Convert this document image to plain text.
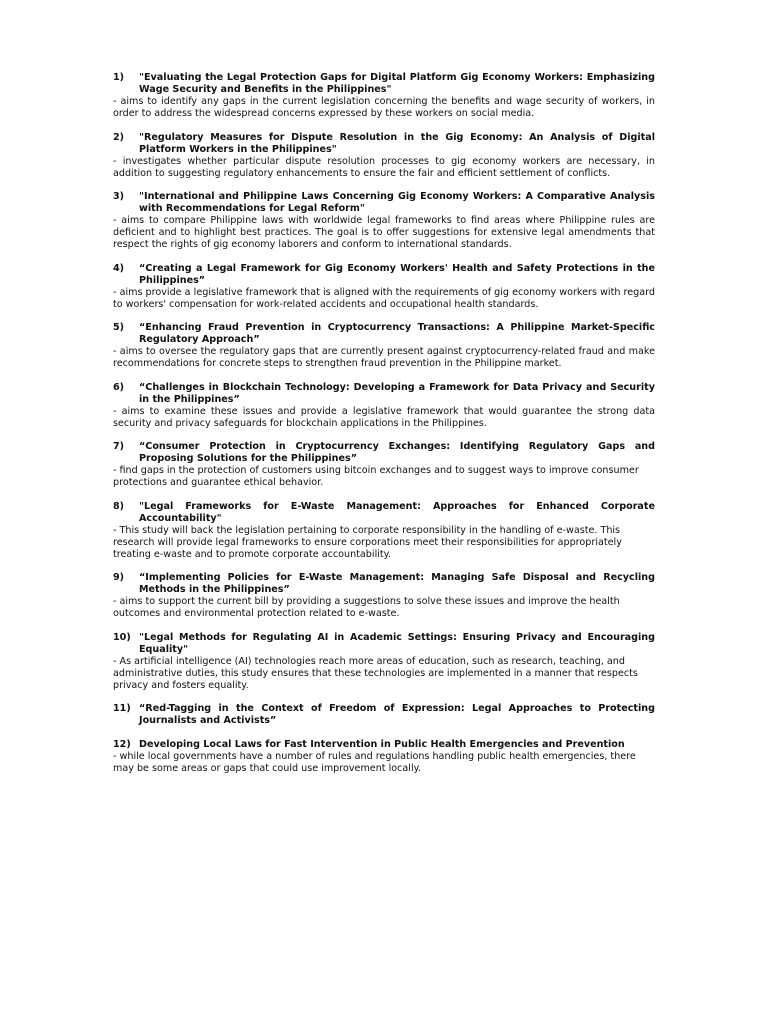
1)	"Evaluating the Legal Protection Gaps for Digital Platform Gig Economy Workers: Emphasizing Wage Security and Benefits in the Philippines"
- aims to identify any gaps in the current legislation concerning the benefits and wage security of workers, in order to address the widespread concerns expressed by these workers on social media.
2)	"Regulatory Measures for Dispute Resolution in the Gig Economy: An Analysis of Digital Platform Workers in the Philippines"
- investigates whether particular dispute resolution processes to gig economy workers are necessary, in addition to suggesting regulatory enhancements to ensure the fair and efficient settlement of conflicts.
3)	"International and Philippine Laws Concerning Gig Economy Workers: A Comparative Analysis with Recommendations for Legal Reform"
- aims to compare Philippine laws with worldwide legal frameworks to find areas where Philippine rules are deficient and to highlight best practices. The goal is to offer suggestions for extensive legal amendments that respect the rights of gig economy laborers and conform to international standards.
4)	“Creating a Legal Framework for Gig Economy Workers' Health and Safety Protections in the Philippines”
- aims provide a legislative framework that is aligned with the requirements of gig economy workers with regard to workers' compensation for work-related accidents and occupational health standards.
5)	“Enhancing Fraud Prevention in Cryptocurrency Transactions: A Philippine Market-Specific Regulatory Approach”
- aims to oversee the regulatory gaps that are currently present against cryptocurrency-related fraud and make recommendations for concrete steps to strengthen fraud prevention in the Philippine market.
6)	“Challenges in Blockchain Technology: Developing a Framework for Data Privacy and Security in the Philippines”
- aims to examine these issues and provide a legislative framework that would guarantee the strong data security and privacy safeguards for blockchain applications in the Philippines.
7)	“Consumer Protection in Cryptocurrency Exchanges: Identifying Regulatory Gaps and Proposing Solutions for the Philippines”
- find gaps in the protection of customers using bitcoin exchanges and to suggest ways to improve consumer protections and guarantee ethical behavior.
8)	"Legal Frameworks for E-Waste Management: Approaches for Enhanced Corporate Accountability"
- This study will back the legislation pertaining to corporate responsibility in the handling of e-waste. This research will provide legal frameworks to ensure corporations meet their responsibilities for appropriately treating e-waste and to promote corporate accountability.
9)	“Implementing Policies for E-Waste Management: Managing Safe Disposal and Recycling Methods in the Philippines”
- aims to support the current bill by providing a suggestions to solve these issues and improve the health outcomes and environmental protection related to e-waste.
10) "Legal Methods for Regulating AI in Academic Settings: Ensuring Privacy and Encouraging Equality"
- As artificial intelligence (AI) technologies reach more areas of education, such as research, teaching, and administrative duties, this study ensures that these technologies are implemented in a manner that respects privacy and fosters equality.
11) “Red-Tagging in the Context of Freedom of Expression: Legal Approaches to Protecting Journalists and Activists”
12) Developing Local Laws for Fast Intervention in Public Health Emergencies and Prevention
- while local governments have a number of rules and regulations handling public health emergencies, there may be some areas or gaps that could use improvement locally.
